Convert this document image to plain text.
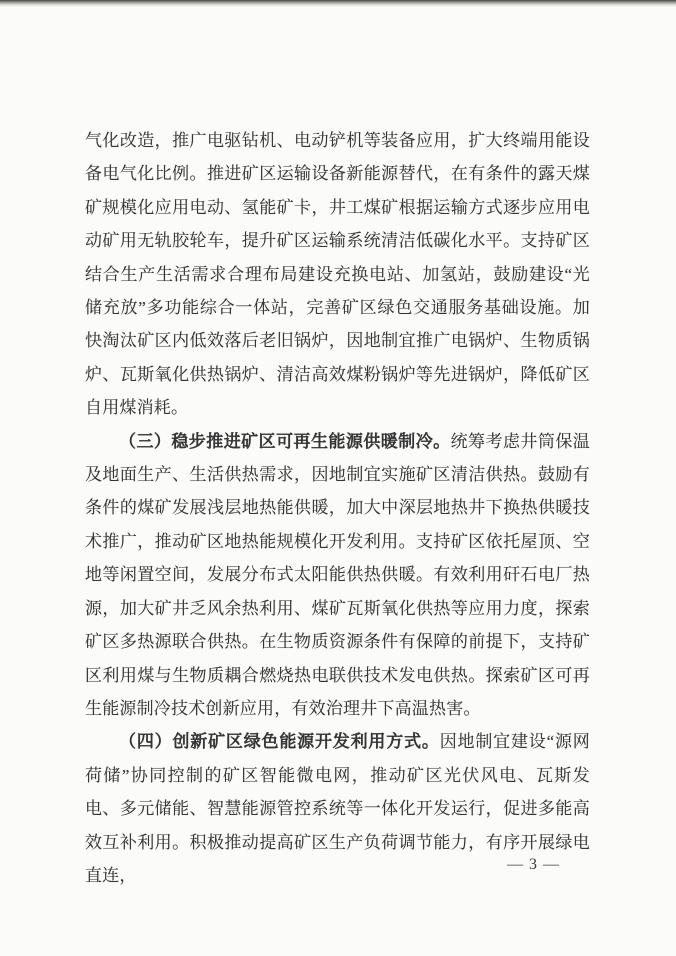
气化改造，推广电驱钻机、电动铲机等装备应用，扩大终端用能设备电气化比例。推进矿区运输设备新能源替代，在有条件的露天煤矿规模化应用电动、氢能矿卡，井工煤矿根据运输方式逐步应用电动矿用无轨胶轮车，提升矿区运输系统清洁低碳化水平。支持矿区结合生产生活需求合理布局建设充换电站、加氢站，鼓励建设“光储充放”多功能综合一体站，完善矿区绿色交通服务基础设施。加快淘汰矿区内低效落后老旧锅炉，因地制宜推广电锅炉、生物质锅炉、瓦斯氧化供热锅炉、清洁高效煤粉锅炉等先进锅炉，降低矿区自用煤消耗。

（三）稳步推进矿区可再生能源供暖制冷。统筹考虑井筒保温及地面生产、生活供热需求，因地制宜实施矿区清洁供热。鼓励有条件的煤矿发展浅层地热能供暖，加大中深层地热井下换热供暖技术推广，推动矿区地热能规模化开发利用。支持矿区依托屋顶、空地等闲置空间，发展分布式太阳能供热供暖。有效利用矸石电厂热源，加大矿井乏风余热利用、煤矿瓦斯氧化供热等应用力度，探索矿区多热源联合供热。在生物质资源条件有保障的前提下，支持矿区利用煤与生物质耦合燃烧热电联供技术发电供热。探索矿区可再生能源制冷技术创新应用，有效治理井下高温热害。

（四）创新矿区绿色能源开发利用方式。因地制宜建设“源网荷储”协同控制的矿区智能微电网，推动矿区光伏风电、瓦斯发电、多元储能、智慧能源管控系统等一体化开发运行，促进多能高效互补利用。积极推动提高矿区生产负荷调节能力，有序开展绿电直连，

— 3 —
